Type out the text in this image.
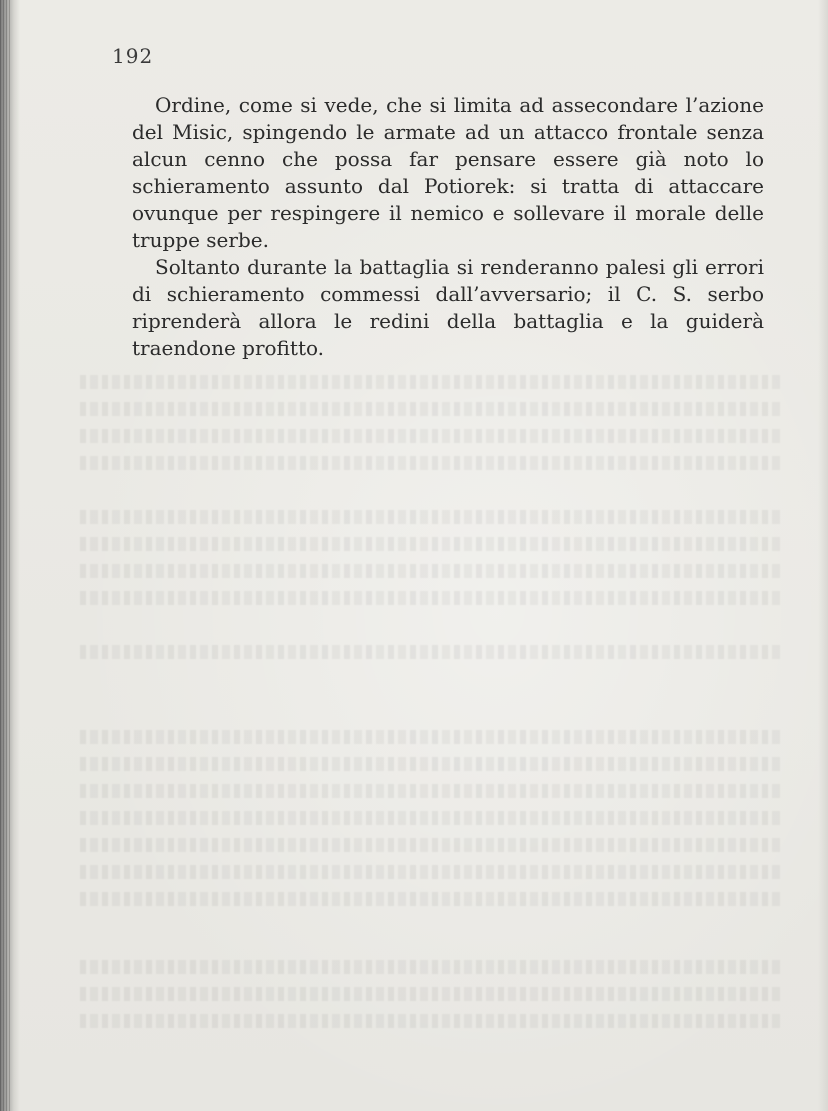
192

Ordine, come si vede, che si limita ad assecondare l’azione del Misic, spingendo le armate ad un attacco frontale senza alcun cenno che possa far pensare essere già noto lo schieramento assunto dal Potiorek: si tratta di attaccare ovunque per respingere il nemico e sollevare il morale delle truppe serbe.

Soltanto durante la battaglia si renderanno palesi gli errori di schieramento commessi dall’avversario; il C. S. serbo riprenderà allora le redini della battaglia e la guiderà traendone profitto.
